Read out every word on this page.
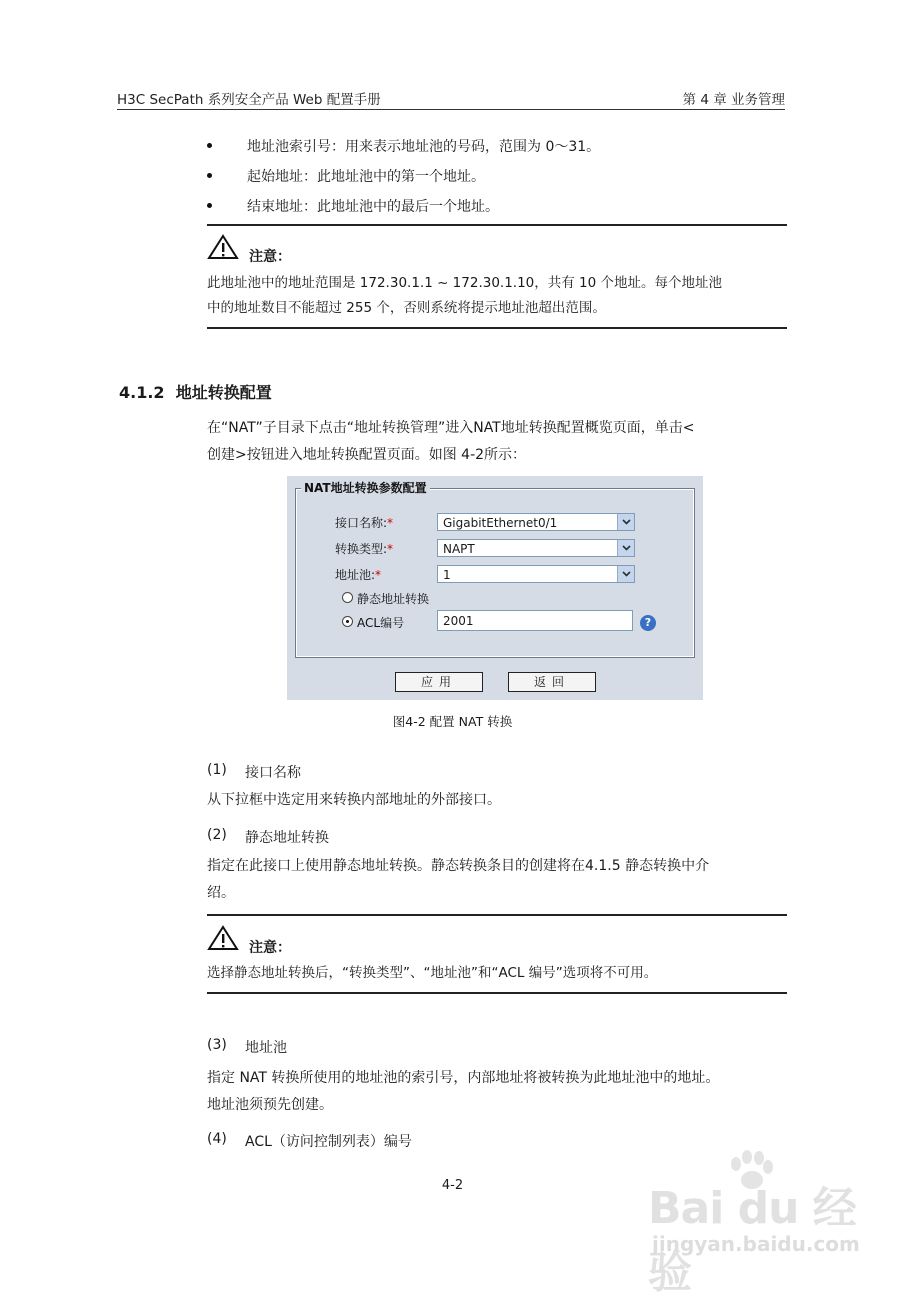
H3C SecPath 系列安全产品 Web 配置手册	第 4 章 业务管理
地址池索引号：用来表示地址池的号码，范围为 0～31。
起始地址：此地址池中的第一个地址。
结束地址：此地址池中的最后一个地址。
注意：
此地址池中的地址范围是 172.30.1.1 ~ 172.30.1.10，共有 10 个地址。每个地址池
中的地址数目不能超过 255 个，否则系统将提示地址池超出范围。
4.1.2 地址转换配置
在“NAT”子目录下点击“地址转换管理”进入NAT地址转换配置概览页面，单击<
创建>按钮进入地址转换配置页面。如图 4-2所示：
NAT地址转换参数配置
接口名称:*	GigabitEthernet0/1
转换类型:*	NAPT
地址池:*	1
静态地址转换
ACL编号	2001	?
应用	返回
图4-2 配置 NAT 转换
(1) 接口名称
从下拉框中选定用来转换内部地址的外部接口。
(2) 静态地址转换
指定在此接口上使用静态地址转换。静态转换条目的创建将在4.1.5 静态转换中介
绍。
注意：
选择静态地址转换后，“转换类型”、“地址池”和“ACL 编号”选项将不可用。
(3) 地址池
指定 NAT 转换所使用的地址池的索引号，内部地址将被转换为此地址池中的地址。
地址池须预先创建。
(4) ACL（访问控制列表）编号
4-2	Bai du 经验
jingyan.baidu.com
